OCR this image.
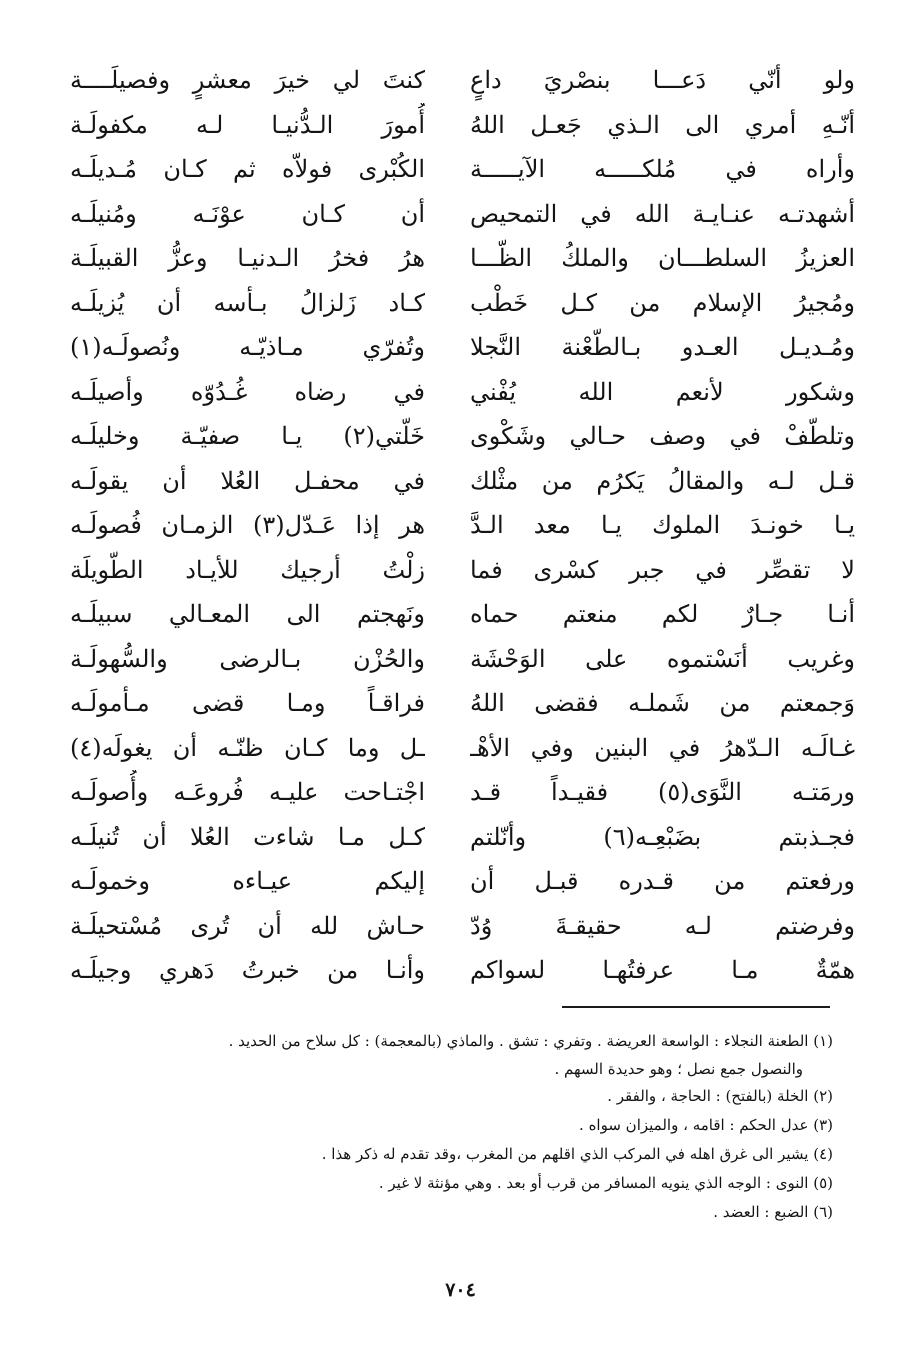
ولو أنّي دَعـــا بنصْريَ داعٍ
أنّـهِ أمري الى الـذي جَعـل اللهُ
وأراه في مُلكـــــه الآيـــــة
أشهدتـه عنـايـة الله في التمحيص
العزيزُ السلطـــان والملكُ الظّـــا
ومُجيرُ الإسلام من كـل خَطْب
ومُـديـل العـدو بـالطّعْنة النَّجلا
وشكور لأنعم الله يُفْني
وتلطّفْ في وصف حـالي وشَكْوى
قـل لـه والمقالُ يَكرُم من مثْلك
يـا خونـدَ الملوك يـا معد الـدَّ
لا تقصِّر في جبر كسْرى فما
أنـا جـارٌ لكم منعتم حماه
وغريب أنَسْتموه على الوَحْشَة
وَجمعتم من شَملـه فقضى اللهُ
غـالَـه الـدّهرُ في البنين وفي الأهْـ
ورمَتـه النَّوَى(٥) فقيـداً قـد
فجـذبتم بضَبْعِـه(٦) وأنّلتم
ورفعتم من قـدره قبـل أن
وفرضتم لـه حقيقـةَ وُدّ
همّةٌ مـا عرفتُهـا لسواكم
كنتَ لي خيرَ معشرٍ وفصيلَــــة
أُمورَ الـدُّنيـا لـه مكفولَـة
الكُبْرى فولاّه ثم كـان مُـديلَـه
أن كـان عوْنَـه ومُنيلَـه
هرُ فخرُ الـدنيـا وعزُّ القبيلَـة
كـاد زَلزالُ بـأسه أن يُزيلَـه
وتُفرّي مـاذيّـه ونُصولَـه(١)
في رضاه غُـدُوّه وأصيلَـه
خَلّتي(٢) يـا صفيّـة وخليلَـه
في محفـل العُلا أن يقولَـه
هر إذا عَـدّل(٣) الزمـان فُصولَـه
زلْتُ أرجيك للأيـاد الطّويلَة
ونَهجتم الى المعـالي سبيلَـه
والحُزْن بـالرضى والسُّهولَـة
فراقـاً ومـا قضى مـأمولَـه
ـل وما كـان ظنّـه أن يغولَه(٤)
اجْتـاحت عليـه فُروعَـه وأُصولَـه
كـل مـا شاءت العُلا أن تُنيلَـه
إليكم عيـاءه وخمولَـه
حـاش لله أن تُرى مُسْتحيلَـة
وأنـا من خبرتُ دَهري وجيلَـه
(١) الطعنة النجلاء : الواسعة العريضة . وتفري : تشق . والماذي (بالمعجمة) : كل سلاح من الحديد .
والنصول جمع نصل ؛ وهو حديدة السهم .
(٢) الخلة (بالفتح) : الحاجة ، والفقر .
(٣) عدل الحكم : اقامه ، والميزان سواه .
(٤) يشير الى غرق اهله في المركب الذي اقلهم من المغرب ،وقد تقدم له ذكر هذا .
(٥) النوى : الوجه الذي ينويه المسافر من قرب أو بعد . وهي مؤنثة لا غير .
(٦) الضبع : العضد .
٧٠٤
